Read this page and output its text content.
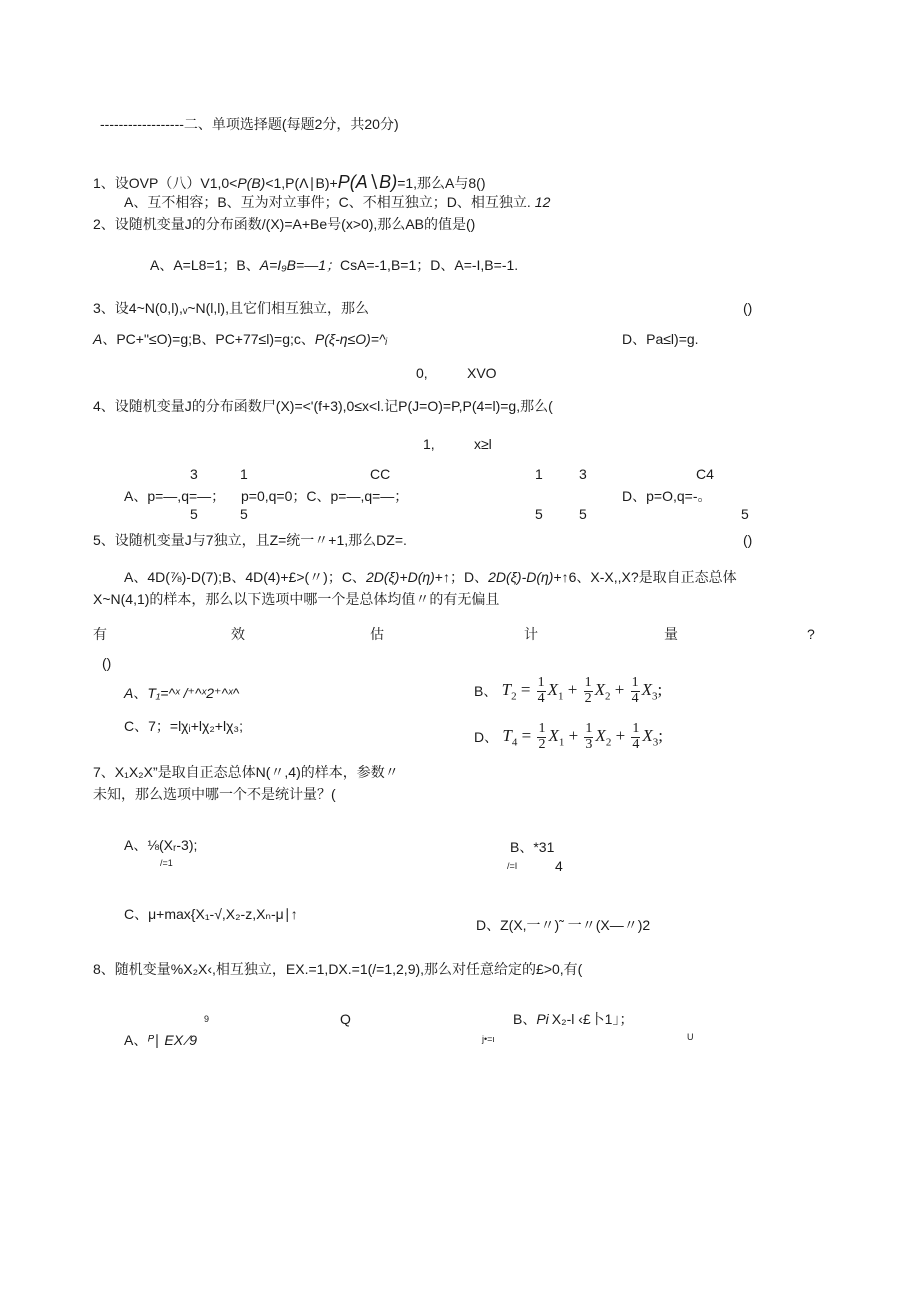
------------------二、单项选择题(每题2分，共20分)
1、设OVP（八）V1,0<P(B)<1,P(Λ∣B)+P(A∖B)=1,那么A与8()
A、互不相容；B、互为对立事件；C、不相互独立；D、相互独立. 12
2、设随机变量J的分布函数/(X)=A+Be号(x>0),那么AB的值是()
A、A=L8=1；B、A=I₉B=—1；CsA=-1,B=1；D、A=-I,B=-1.
3、设4~N(0,l),ᵥ~N(l,l),且它们相互独立，那么	()
A、PC+"≤O)=g;B、PC+77≤l)=g;c、P(ξ-η≤O)=^ᵢ	D、Pa≤l)=g.
0,	XVO
4、设随机变量J的分布函数尸(X)=<'(f+3),0≤x<l.记P(J=O)=P,P(4=l)=g,那么(
1,	x≥l
3	1	CC	1	3	C4
A、p=—,q=—； p=0,q=0；C、p=—,q=—；	D、p=O,q=-。
5	5	5	5	5
5、设随机变量J与7独立，且Z=统一〃+1,那么DZ=.	()
A、4D(⅞)-D(7);B、4D(4)+£>(〃)；C、2D(ξ)+D(η)+↑；D、2D(ξ)-D(η)+↑6、X-X,,X?是取自正态总体
X~N(4,1)的样本，那么以下选项中哪一个是总体均值〃的有无偏且
有	效	估	计	量	?
()
A、T₁=^ˣ /⁺^ˣ2⁺^ˣ^
C、7；=lχᵢ+lχ₂+lχ₃;
B、 $T_2 = \frac{1}{4} X_1 + \frac{1}{2} X_2 + \frac{1}{4} X_3$;
D、 $T_4 = \frac{1}{2} X_1 + \frac{1}{3} X_2 + \frac{1}{4} X_3$;
7、X₁X₂X”是取自正态总体N(〃,4)的样本，参数〃
未知，那么选项中哪一个不是统计量？(
A、⅛(Xᵣ-3);
/=1
B、*31
/=I	4
C、μ+max{X₁-√,X₂-z,Xₙ-μ∣↑
D、Z(X,一〃)˜ 一〃(X—〃)2
8、随机变量%X₂X‹,相互独立，EX.=1,DX.=1(/=1,2,9),那么对任意给定的£>0,有(
9	Q	B、Pi X₂-l ‹£卜1」；
A、ᴾ∣ EX ∕9	j•=ι	U
